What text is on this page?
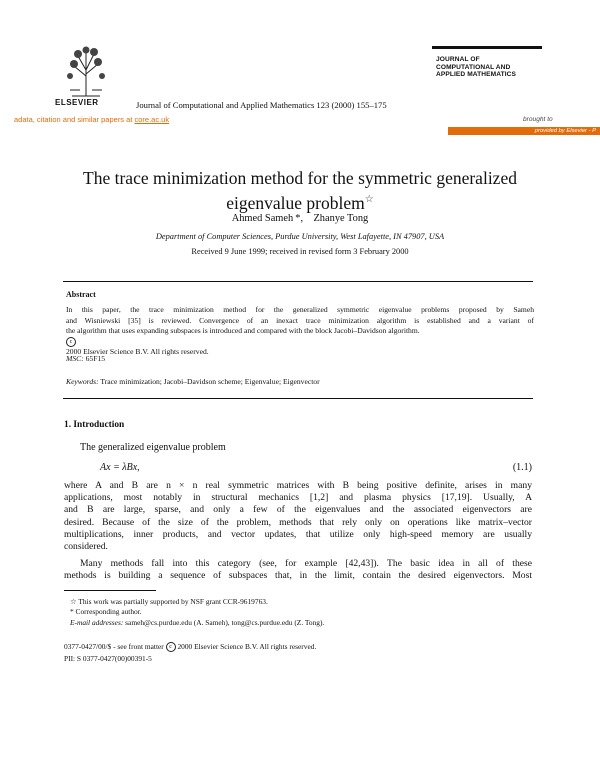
ELSEVIER	Journal of Computational and Applied Mathematics 123 (2000) 155–175
JOURNAL OF
COMPUTATIONAL AND
APPLIED MATHEMATICS
adata, citation and similar papers at core.ac.uk	brought to
provided by Elsevier - P
The trace minimization method for the symmetric generalized
eigenvalue problem☆
Ahmed Sameh *, Zhanye Tong
Department of Computer Sciences, Purdue University, West Lafayette, IN 47907, USA
Received 9 June 1999; received in revised form 3 February 2000
Abstract
In this paper, the trace minimization method for the generalized symmetric eigenvalue problems proposed by Sameh
and Wisniewski [35] is reviewed. Convergence of an inexact trace minimization algorithm is established and a variant of
the algorithm that uses expanding subspaces is introduced and compared with the block Jacobi–Davidson algorithm.
c
2000 Elsevier Science B.V. All rights reserved.
MSC: 65F15
Keywords: Trace minimization; Jacobi–Davidson scheme; Eigenvalue; Eigenvector
1. Introduction
The generalized eigenvalue problem
Ax = λBx,	(1.1)
where A and B are n × n real symmetric matrices with B being positive definite, arises in many
applications, most notably in structural mechanics [1,2] and plasma physics [17,19]. Usually, A
and B are large, sparse, and only a few of the eigenvalues and the associated eigenvectors are
desired. Because of the size of the problem, methods that rely only on operations like matrix–vector
multiplications, inner products, and vector updates, that utilize only high-speed memory are usually
considered.
Many methods fall into this category (see, for example [42,43]). The basic idea in all of these
methods is building a sequence of subspaces that, in the limit, contain the desired eigenvectors. Most
☆ This work was partially supported by NSF grant CCR-9619763.
* Corresponding author.
E-mail addresses: sameh@cs.purdue.edu (A. Sameh), tong@cs.purdue.edu (Z. Tong).
0377-0427/00/$ - see front matter c 2000 Elsevier Science B.V. All rights reserved.
PII: S 0377-0427(00)00391-5
